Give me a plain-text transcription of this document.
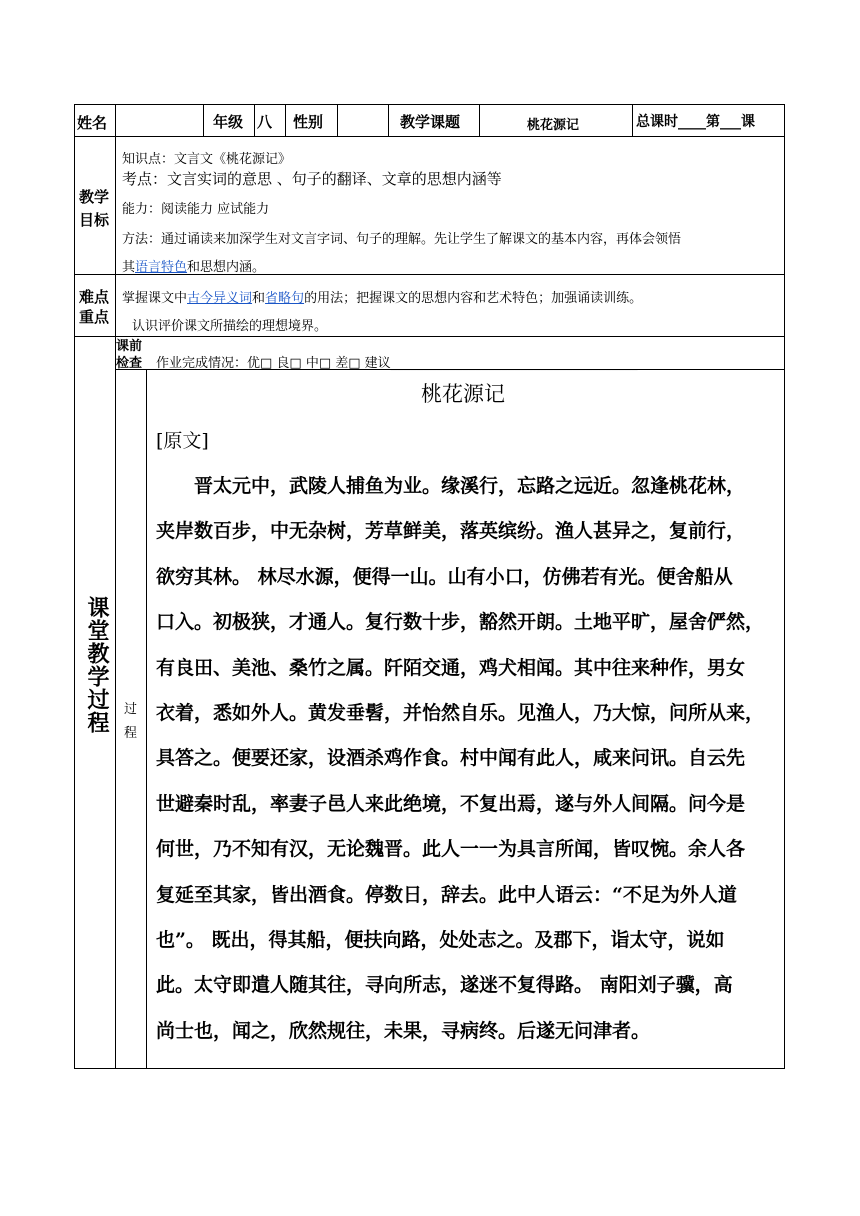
姓名	年级 八 性别	教学课题	桃花源记	总课时____第___课
教学
目标
知识点：文言文《桃花源记》
考点：文言实词的意思 、句子的翻译、文章的思想内涵等
能力：阅读能力 应试能力
方法：通过诵读来加深学生对文言字词、句子的理解。先让学生了解课文的基本内容，再体会领悟
其语言特色和思想内涵。
难点
重点
掌握课文中古今异义词和省略句的用法；把握课文的思想内容和艺术特色；加强诵读训练。
认识评价课文所描绘的理想境界。
课堂教学过程
课前
检查 作业完成情况：优□ 良□ 中□ 差□ 建议______________________________________
过
程
桃花源记
[原文]

　　晋太元中，武陵人捕鱼为业。缘溪行，忘路之远近。忽逢桃花林，

夹岸数百步，中无杂树，芳草鲜美，落英缤纷。渔人甚异之，复前行，

欲穷其林。 林尽水源，便得一山。山有小口，仿佛若有光。便舍船从

口入。初极狭，才通人。复行数十步，豁然开朗。土地平旷，屋舍俨然，

有良田、美池、桑竹之属。阡陌交通，鸡犬相闻。其中往来种作，男女

衣着，悉如外人。黄发垂髫，并怡然自乐。见渔人，乃大惊，问所从来，

具答之。便要还家，设酒杀鸡作食。村中闻有此人，咸来问讯。自云先

世避秦时乱，率妻子邑人来此绝境，不复出焉，遂与外人间隔。问今是

何世，乃不知有汉，无论魏晋。此人一一为具言所闻，皆叹惋。余人各

复延至其家，皆出酒食。停数日，辞去。此中人语云：“不足为外人道

也”。 既出，得其船，便扶向路，处处志之。及郡下，诣太守，说如

此。太守即遣人随其往，寻向所志，遂迷不复得路。 南阳刘子骥，高

尚士也，闻之，欣然规往，未果，寻病终。后遂无问津者。
